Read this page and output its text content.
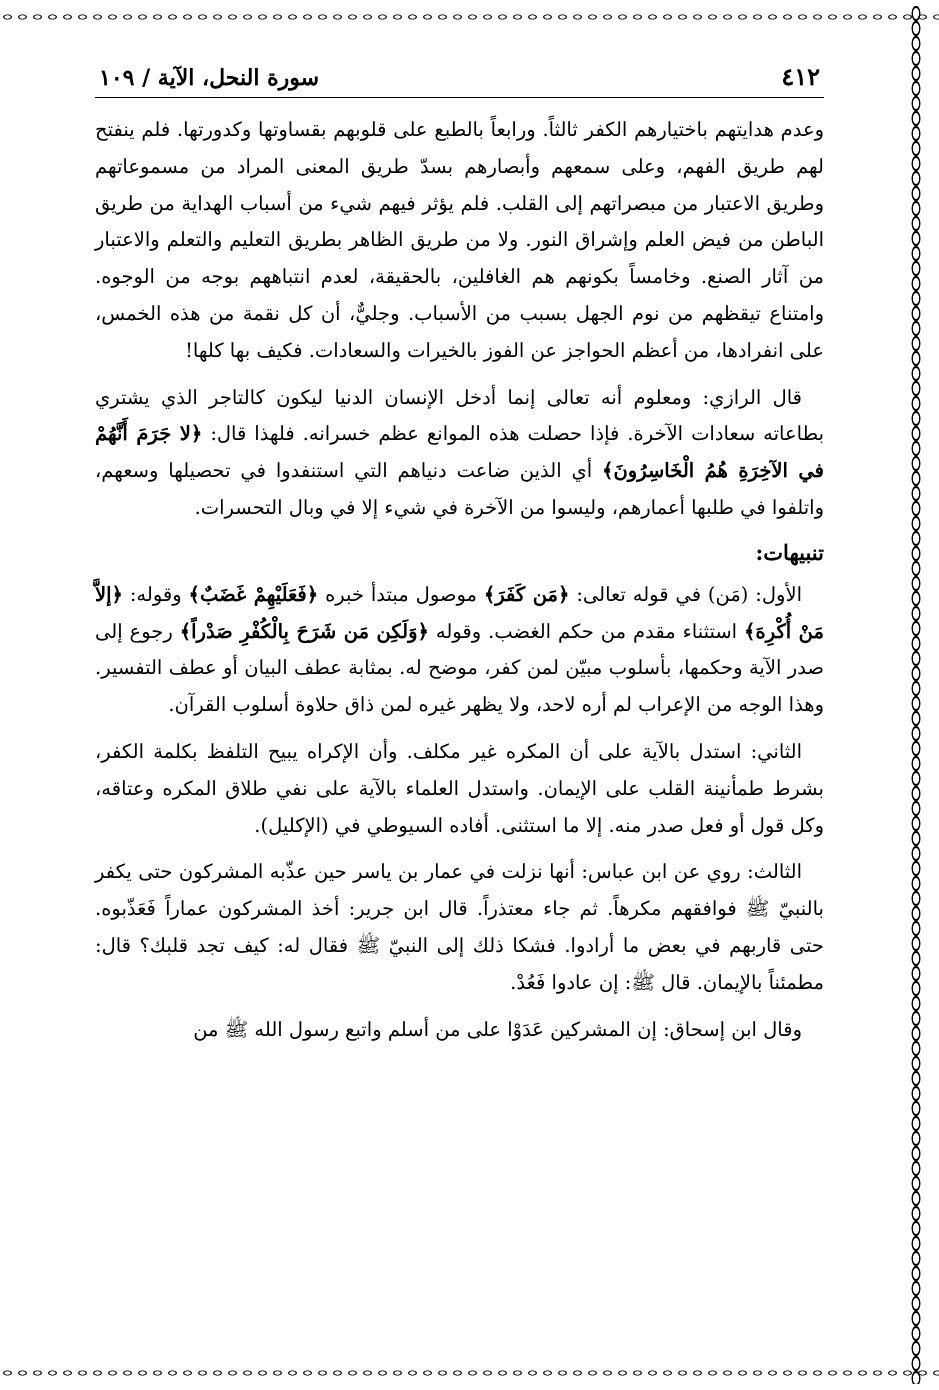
٤١٢
سورة النحل، الآية / ١٠٩

وعدم هدايتهم باختيارهم الكفر ثالثاً. ورابعاً بالطبع على قلوبهم بقساوتها وكدورتها. فلم ينفتح لهم طريق الفهم، وعلى سمعهم وأبصارهم بسدّ طريق المعنى المراد من مسموعاتهم وطريق الاعتبار من مبصراتهم إلى القلب. فلم يؤثر فيهم شيء من أسباب الهداية من طريق الباطن من فيض العلم وإشراق النور. ولا من طريق الظاهر بطريق التعليم والتعلم والاعتبار من آثار الصنع. وخامساً بكونهم هم الغافلين، بالحقيقة، لعدم انتباههم بوجه من الوجوه. وامتناع تيقظهم من نوم الجهل بسبب من الأسباب. وجليٌّ، أن كل نقمة من هذه الخمس، على انفرادها، من أعظم الحواجز عن الفوز بالخيرات والسعادات. فكيف بها كلها!

قال الرازي: ومعلوم أنه تعالى إنما أدخل الإنسان الدنيا ليكون كالتاجر الذي يشتري بطاعاته سعادات الآخرة. فإذا حصلت هذه الموانع عظم خسرانه. فلهذا قال: ﴿لا جَرَمَ أَنَّهُمْ في الآخِرَةِ هُمُ الْخَاسِرُونَ﴾ أي الذين ضاعت دنياهم التي استنفدوا في تحصيلها وسعهم، واتلفوا في طلبها أعمارهم، وليسوا من الآخرة في شيء إلا في وبال التحسرات.

تنبيهات:

الأول: (مَن) في قوله تعالى: ﴿مَن كَفَرَ﴾ موصول مبتدأ خبره ﴿فَعَلَيْهِمْ غَضَبٌ﴾ وقوله: ﴿إلاَّ مَنْ أُكْرِهَ﴾ استثناء مقدم من حكم الغضب. وقوله ﴿وَلَكِن مَن شَرَحَ بِالْكُفْرِ صَدْراً﴾ رجوع إلى صدر الآية وحكمها، بأسلوب مبيّن لمن كفر، موضح له. بمثابة عطف البيان أو عطف التفسير. وهذا الوجه من الإعراب لم أره لاحد، ولا يظهر غيره لمن ذاق حلاوة أسلوب القرآن.

الثاني: استدل بالآية على أن المكره غير مكلف. وأن الإكراه يبيح التلفظ بكلمة الكفر، بشرط طمأنينة القلب على الإيمان. واستدل العلماء بالآية على نفي طلاق المكره وعتاقه، وكل قول أو فعل صدر منه. إلا ما استثنى. أفاده السيوطي في (الإكليل).

الثالث: روي عن ابن عباس: أنها نزلت في عمار بن ياسر حين عذّبه المشركون حتى يكفر بالنبيّ ﷺ فوافقهم مكرهاً. ثم جاء معتذراً. قال ابن جرير: أخذ المشركون عماراً فَعَذّبوه. حتى قاربهم في بعض ما أرادوا. فشكا ذلك إلى النبيّ ﷺ فقال له: كيف تجد قلبك؟ قال: مطمئناً بالإيمان. قال ﷺ: إن عادوا فَعُدْ.

وقال ابن إسحاق: إن المشركين عَدَوْا على من أسلم واتبع رسول الله ﷺ من
